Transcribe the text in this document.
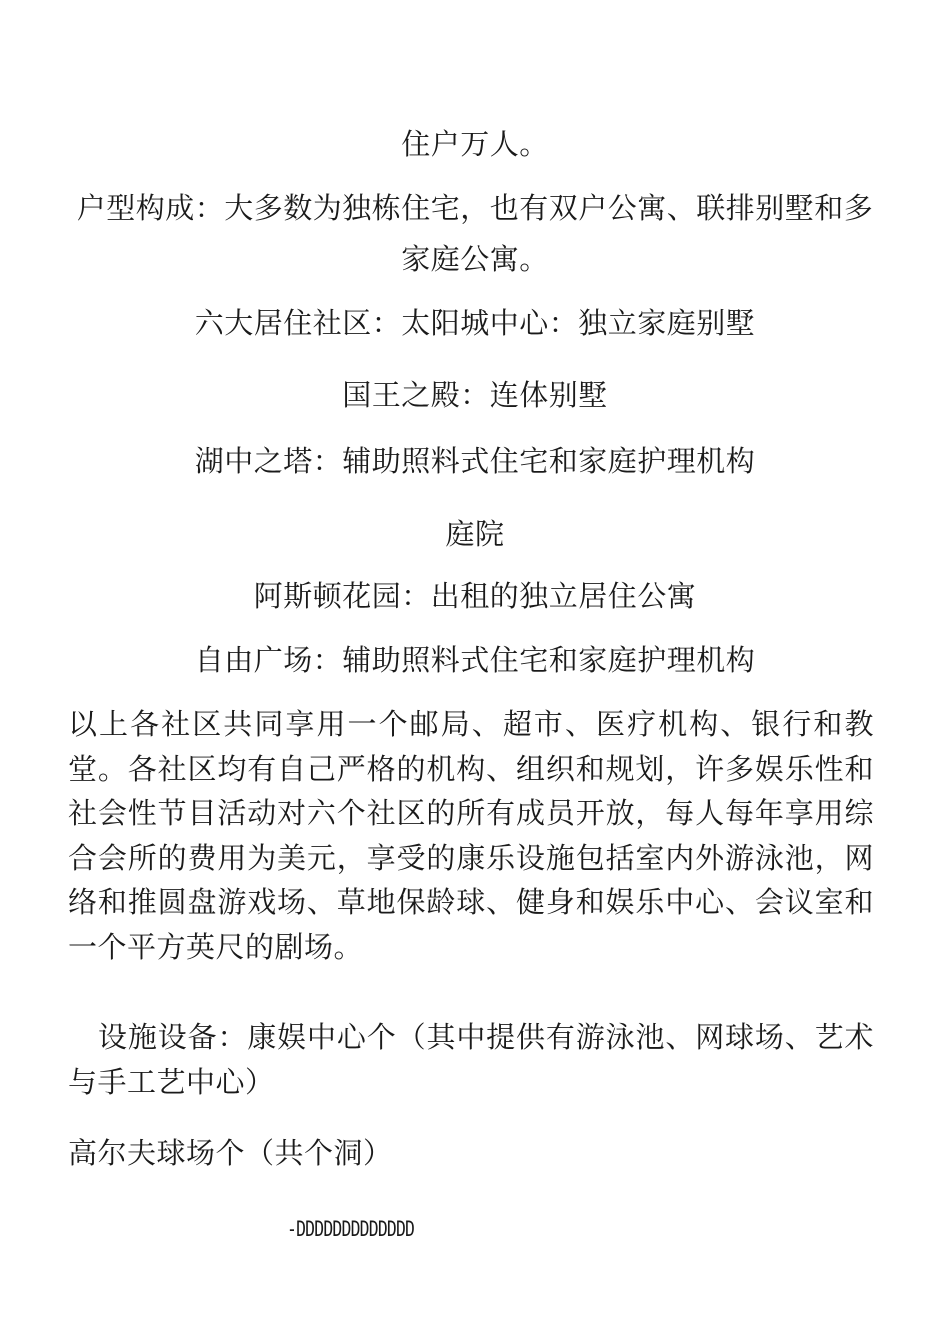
住户万人。
户型构成：大多数为独栋住宅，也有双户公寓、联排别墅和多
家庭公寓。
六大居住社区：太阳城中心：独立家庭别墅
国王之殿：连体别墅
湖中之塔：辅助照料式住宅和家庭护理机构
庭院
阿斯顿花园：出租的独立居住公寓
自由广场：辅助照料式住宅和家庭护理机构
以上各社区共同享用一个邮局、超市、医疗机构、银行和教堂。各社区均有自己严格的机构、组织和规划，许多娱乐性和社会性节目活动对六个社区的所有成员开放，每人每年享用综合会所的费用为美元，享受的康乐设施包括室内外游泳池，网络和推圆盘游戏场、草地保龄球、健身和娱乐中心、会议室和一个平方英尺的剧场。
设施设备：康娱中心个（其中提供有游泳池、网球场、艺术与手工艺中心）
高尔夫球场个（共个洞）
-DDDDDDDDDDDDD
